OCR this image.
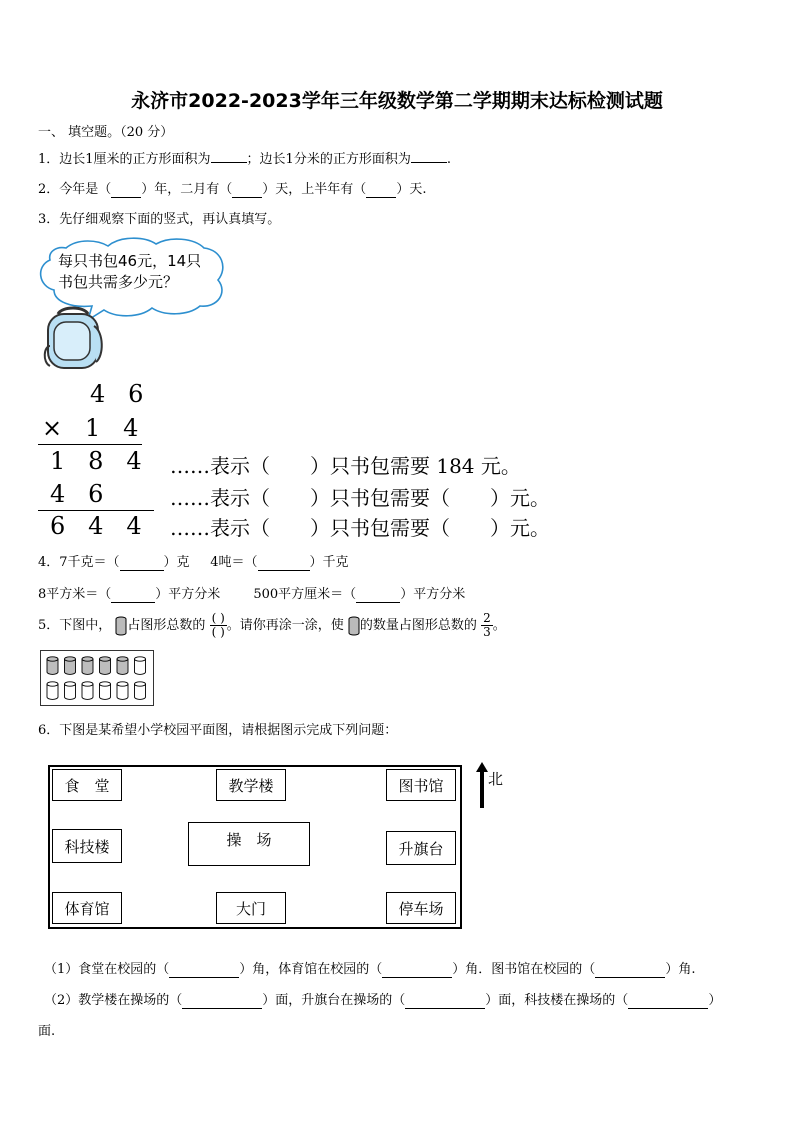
永济市2022-2023学年三年级数学第二学期期末达标检测试题
一、 填空题。（20 分）
1．边长1厘米的正方形面积为	；边长1分米的正方形面积为	.
2．今年是（ ）年，二月有（ ）天，上半年有（ ）天.
3．先仔细观察下面的竖式，再认真填写。
每只书包46元，14只
书包共需多少元？
4 6
× 1 4
1 8 4
4 6
6 4 4
……表示（　　）只书包需要 184 元。
……表示（　　）只书包需要（　　）元。
……表示（　　）只书包需要（　　）元。
4．7千克＝（	）克 4吨＝（	）千克
8平方米＝（	）平方分米	500平方厘米＝（	）平方分米
5．下图中， 占图形总数的 $\frac{( )}{( )}$ 。请你再涂一涂，使 的数量占图形总数的 $\frac{2}{3}$ 。
6．下图是某希望小学校园平面图，请根据图示完成下列问题：
食　堂	教学楼	图书馆
科技楼	操　场	升旗台
体育馆	大门	停车场
北
（1）食堂在校园的（	）角，体育馆在校园的（	）角．图书馆在校园的（	）角.
（2）教学楼在操场的（	）面，升旗台在操场的（	）面，科技楼在操场的（	）
面.
